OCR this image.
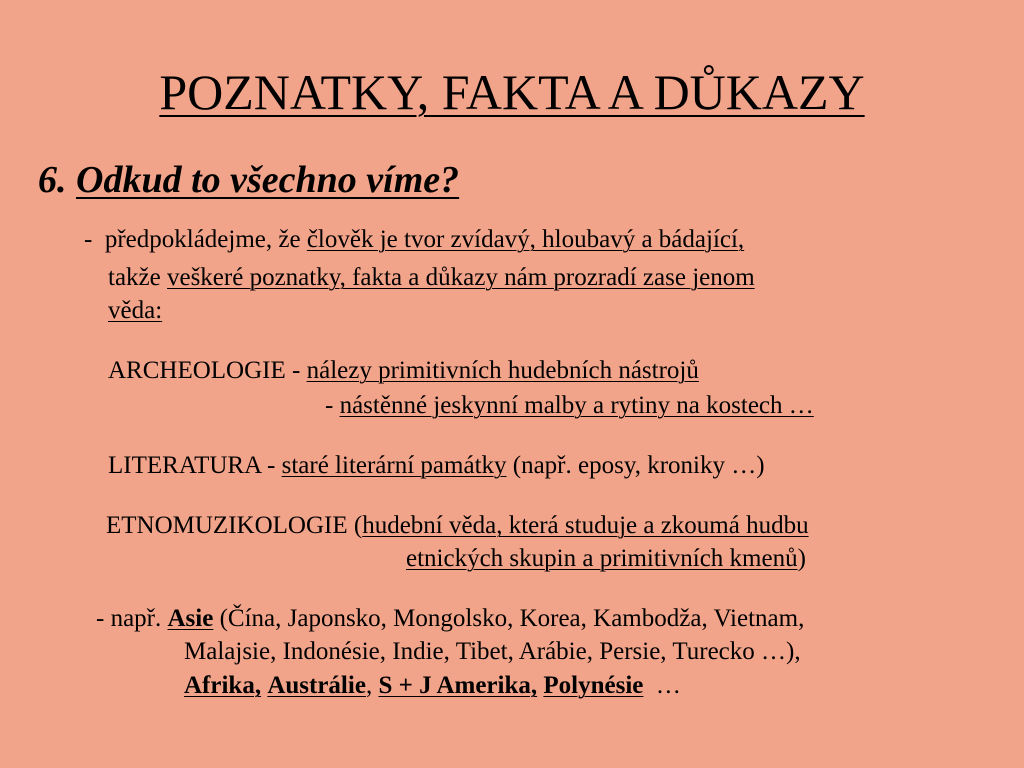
POZNATKY, FAKTA A DŮKAZY
6. Odkud to všechno víme?
- předpokládejme, že člověk je tvor zvídavý, hloubavý a bádající,
takže veškeré poznatky, fakta a důkazy nám prozradí zase jenom
věda:
ARCHEOLOGIE - nálezy primitivních hudebních nástrojů
- nástěnné jeskynní malby a rytiny na kostech …
LITERATURA - staré literární památky (např. eposy, kroniky …)
ETNOMUZIKOLOGIE (hudební věda, která studuje a zkoumá hudbu
etnických skupin a primitivních kmenů)
- např. Asie (Čína, Japonsko, Mongolsko, Korea, Kambodža, Vietnam,
Malajsie, Indonésie, Indie, Tibet, Arábie, Persie, Turecko …),
Afrika, Austrálie, S + J Amerika, Polynésie …
